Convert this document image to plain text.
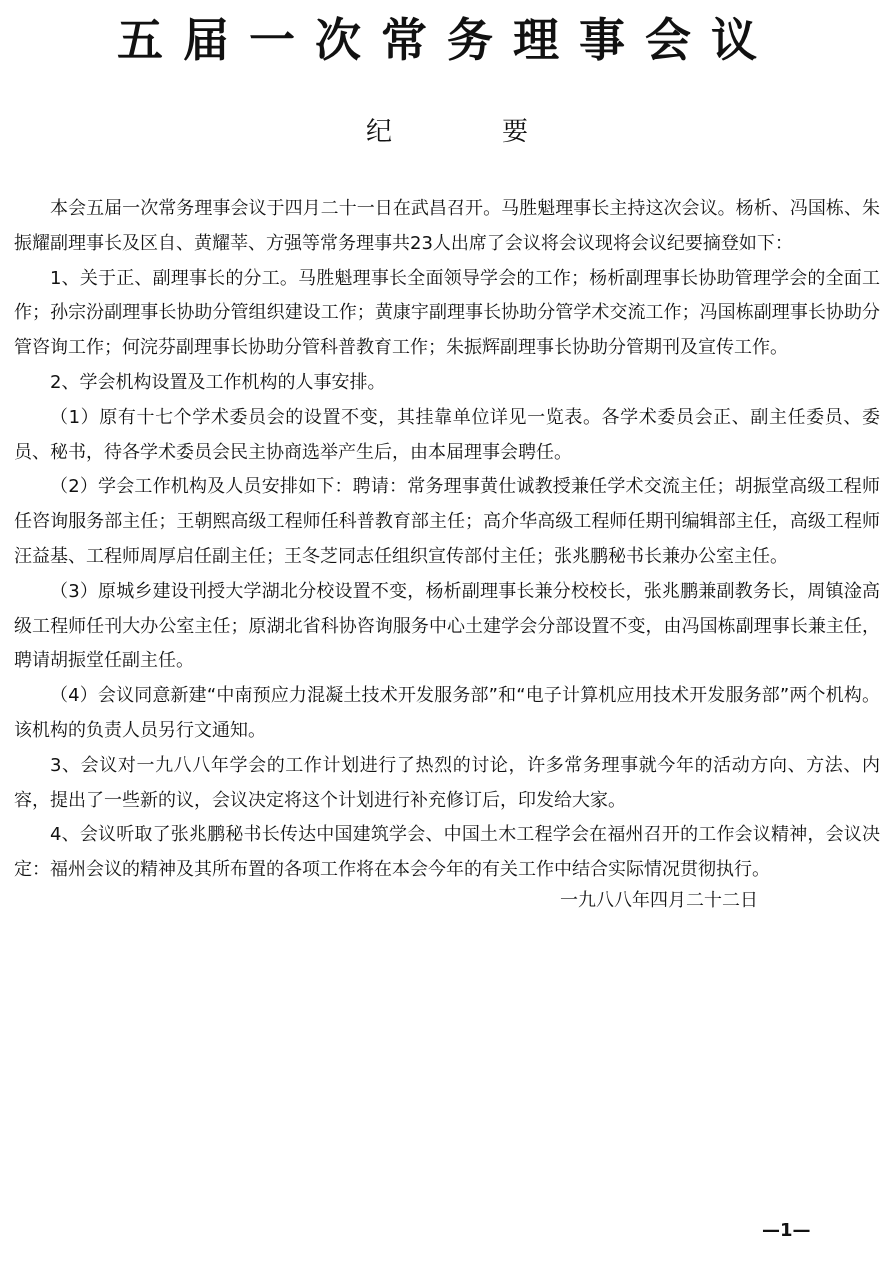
五届一次常务理事会议
纪要

本会五届一次常务理事会议于四月二十一日在武昌召开。马胜魁理事长主持这次会议。杨析、冯国栋、朱振耀副理事长及区自、黄耀莘、方强等常务理事共23人出席了会议将会议现将会议纪要摘登如下：

1、关于正、副理事长的分工。马胜魁理事长全面领导学会的工作；杨析副理事长协助管理学会的全面工作；孙宗汾副理事长协助分管组织建设工作；黄康宇副理事长协助分管学术交流工作；冯国栋副理事长协助分管咨询工作；何浣芬副理事长协助分管科普教育工作；朱振辉副理事长协助分管期刊及宣传工作。

2、学会机构设置及工作机构的人事安排。

（1）原有十七个学术委员会的设置不变，其挂靠单位详见一览表。各学术委员会正、副主任委员、委员、秘书，待各学术委员会民主协商选举产生后，由本届理事会聘任。

（2）学会工作机构及人员安排如下：聘请：常务理事黄仕诚教授兼任学术交流主任；胡振堂高级工程师任咨询服务部主任；王朝熙高级工程师任科普教育部主任；高介华高级工程师任期刊编辑部主任，高级工程师汪益基、工程师周厚启任副主任；王冬芝同志任组织宣传部付主任；张兆鹏秘书长兼办公室主任。

（3）原城乡建设刊授大学湖北分校设置不变，杨析副理事长兼分校校长，张兆鹏兼副教务长，周镇淦高级工程师任刊大办公室主任；原湖北省科协咨询服务中心土建学会分部设置不变，由冯国栋副理事长兼主任，聘请胡振堂任副主任。

（4）会议同意新建“中南预应力混凝土技术开发服务部”和“电子计算机应用技术开发服务部”两个机构。该机构的负责人员另行文通知。

3、会议对一九八八年学会的工作计划进行了热烈的讨论，许多常务理事就今年的活动方向、方法、内容，提出了一些新的议，会议决定将这个计划进行补充修订后，印发给大家。

4、会议听取了张兆鹏秘书长传达中国建筑学会、中国土木工程学会在福州召开的工作会议精神，会议决定：福州会议的精神及其所布置的各项工作将在本会今年的有关工作中结合实际情况贯彻执行。

一九八八年四月二十二日
—1—
